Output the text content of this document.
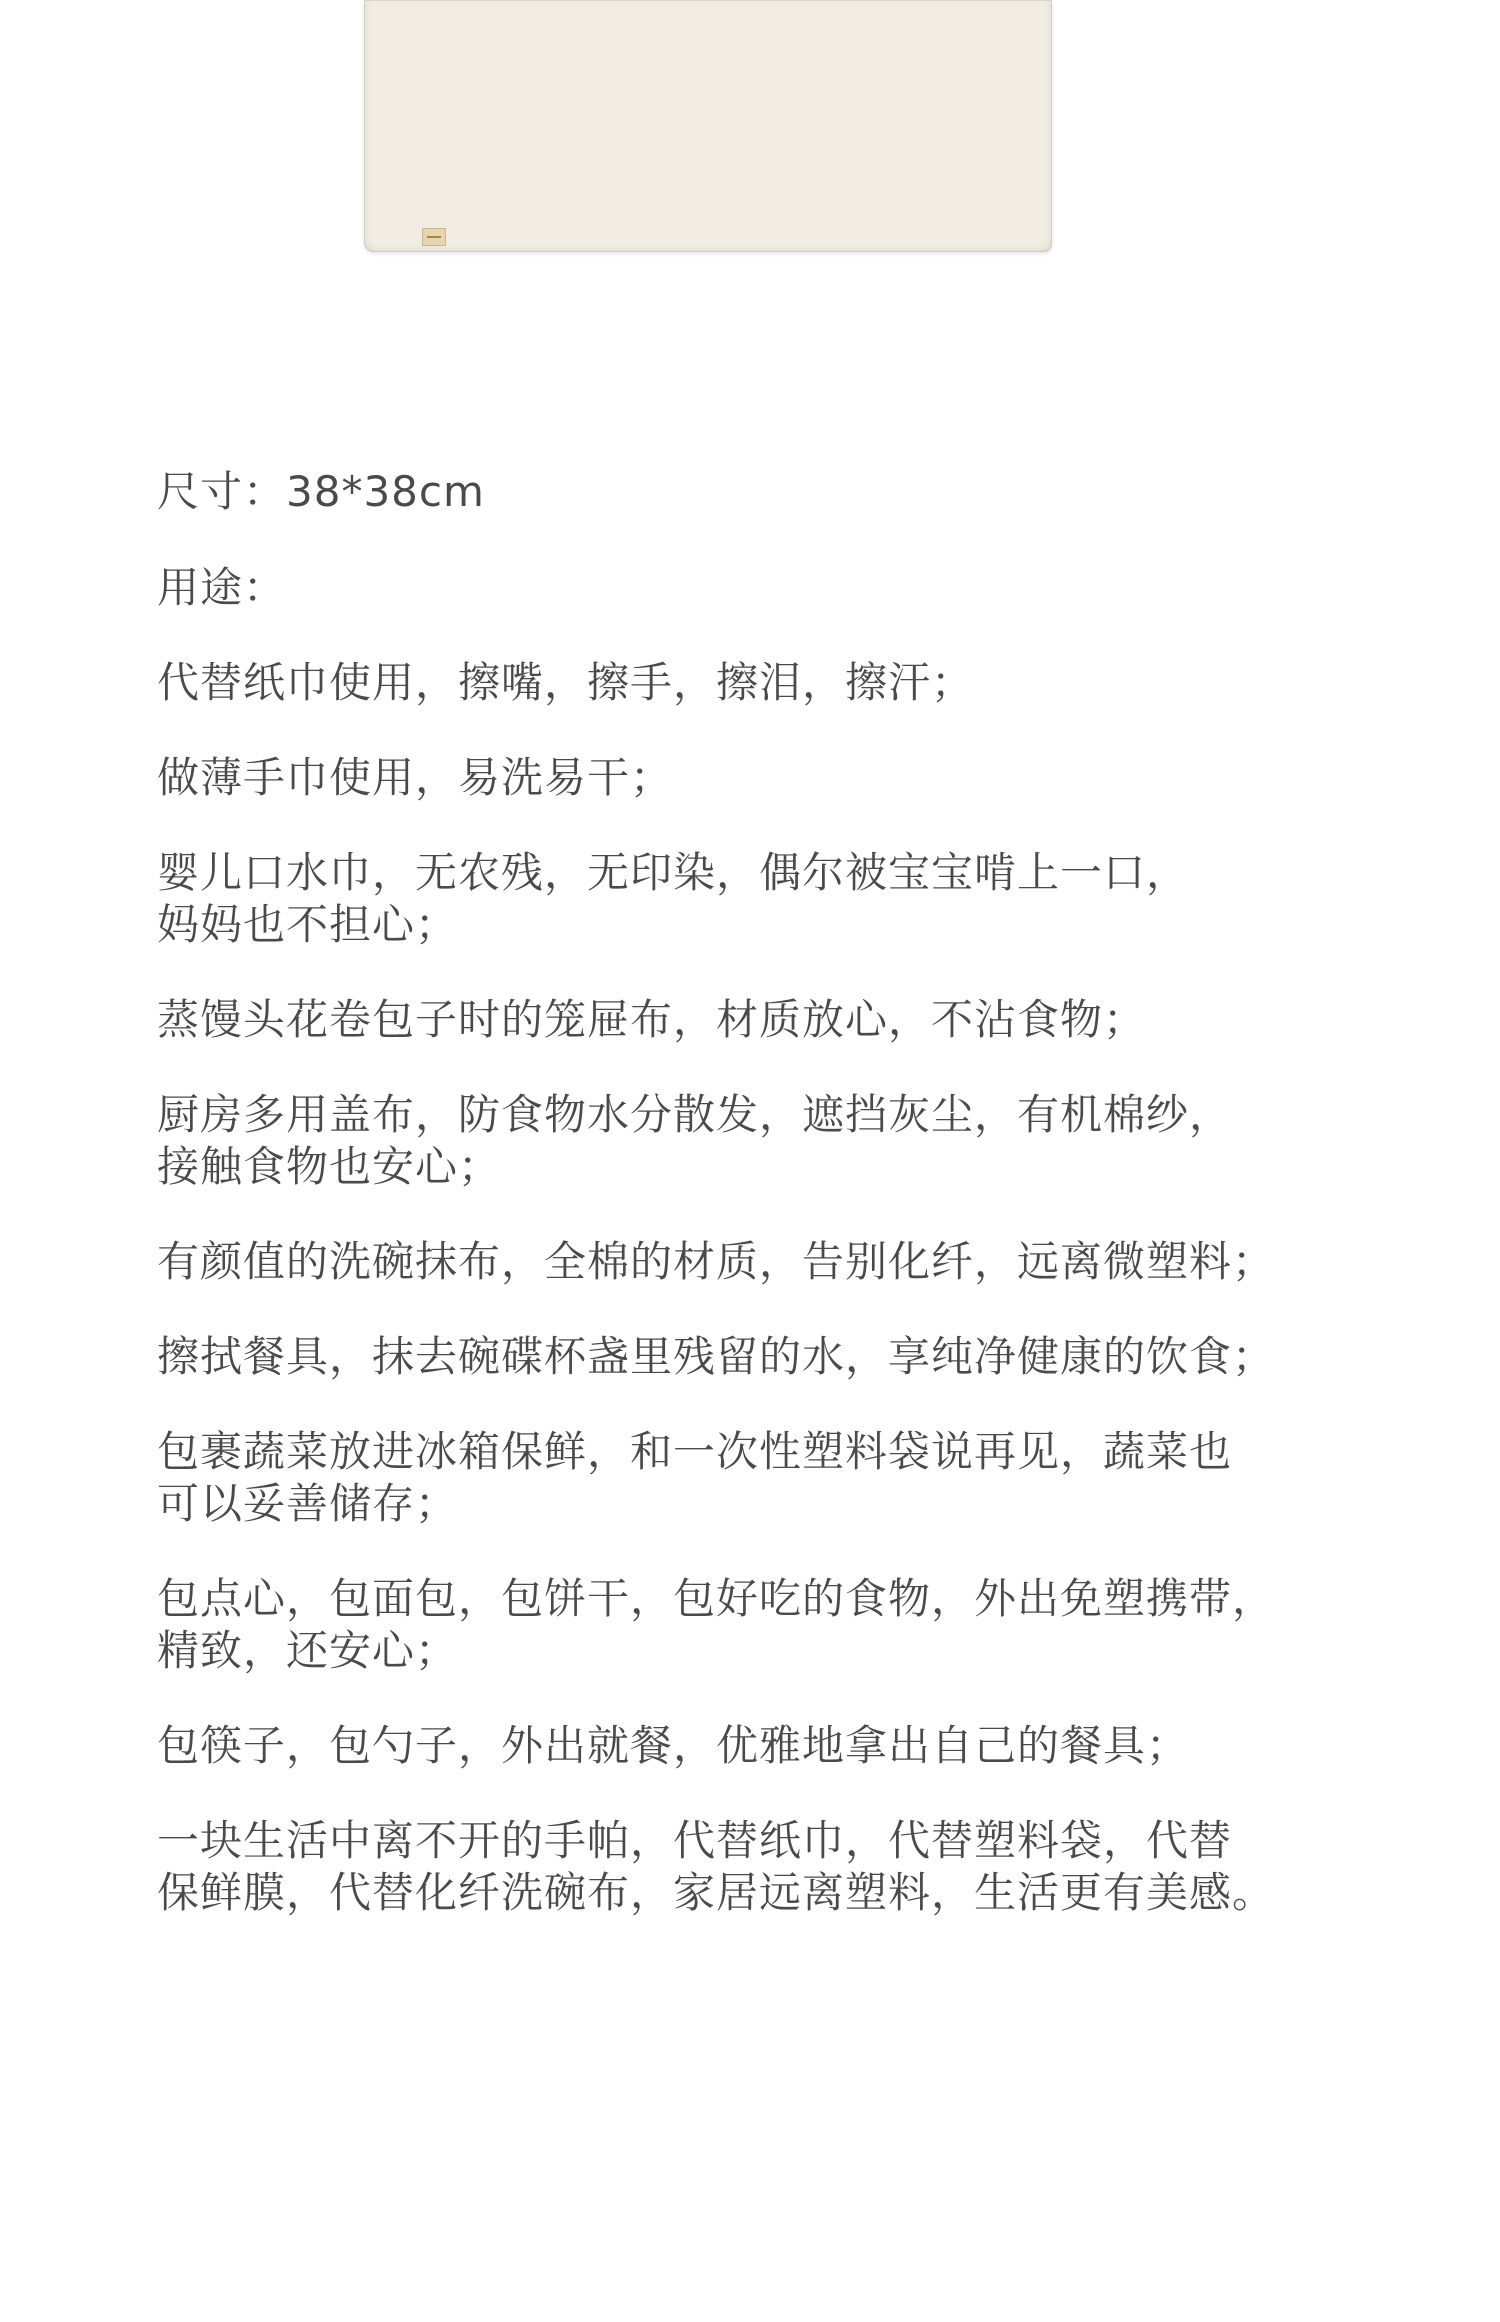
尺寸：38*38cm
用途：
代替纸巾使用，擦嘴，擦手，擦泪，擦汗；
做薄手巾使用，易洗易干；
婴儿口水巾，无农残，无印染，偶尔被宝宝啃上一口，
妈妈也不担心；
蒸馒头花卷包子时的笼屉布，材质放心，不沾食物；
厨房多用盖布，防食物水分散发，遮挡灰尘，有机棉纱，
接触食物也安心；
有颜值的洗碗抹布，全棉的材质，告别化纤，远离微塑料；
擦拭餐具，抹去碗碟杯盏里残留的水，享纯净健康的饮食；
包裹蔬菜放进冰箱保鲜，和一次性塑料袋说再见，蔬菜也
可以妥善储存；
包点心，包面包，包饼干，包好吃的食物，外出免塑携带，
精致，还安心；
包筷子，包勺子，外出就餐，优雅地拿出自己的餐具；
一块生活中离不开的手帕，代替纸巾，代替塑料袋，代替
保鲜膜，代替化纤洗碗布，家居远离塑料，生活更有美感。
